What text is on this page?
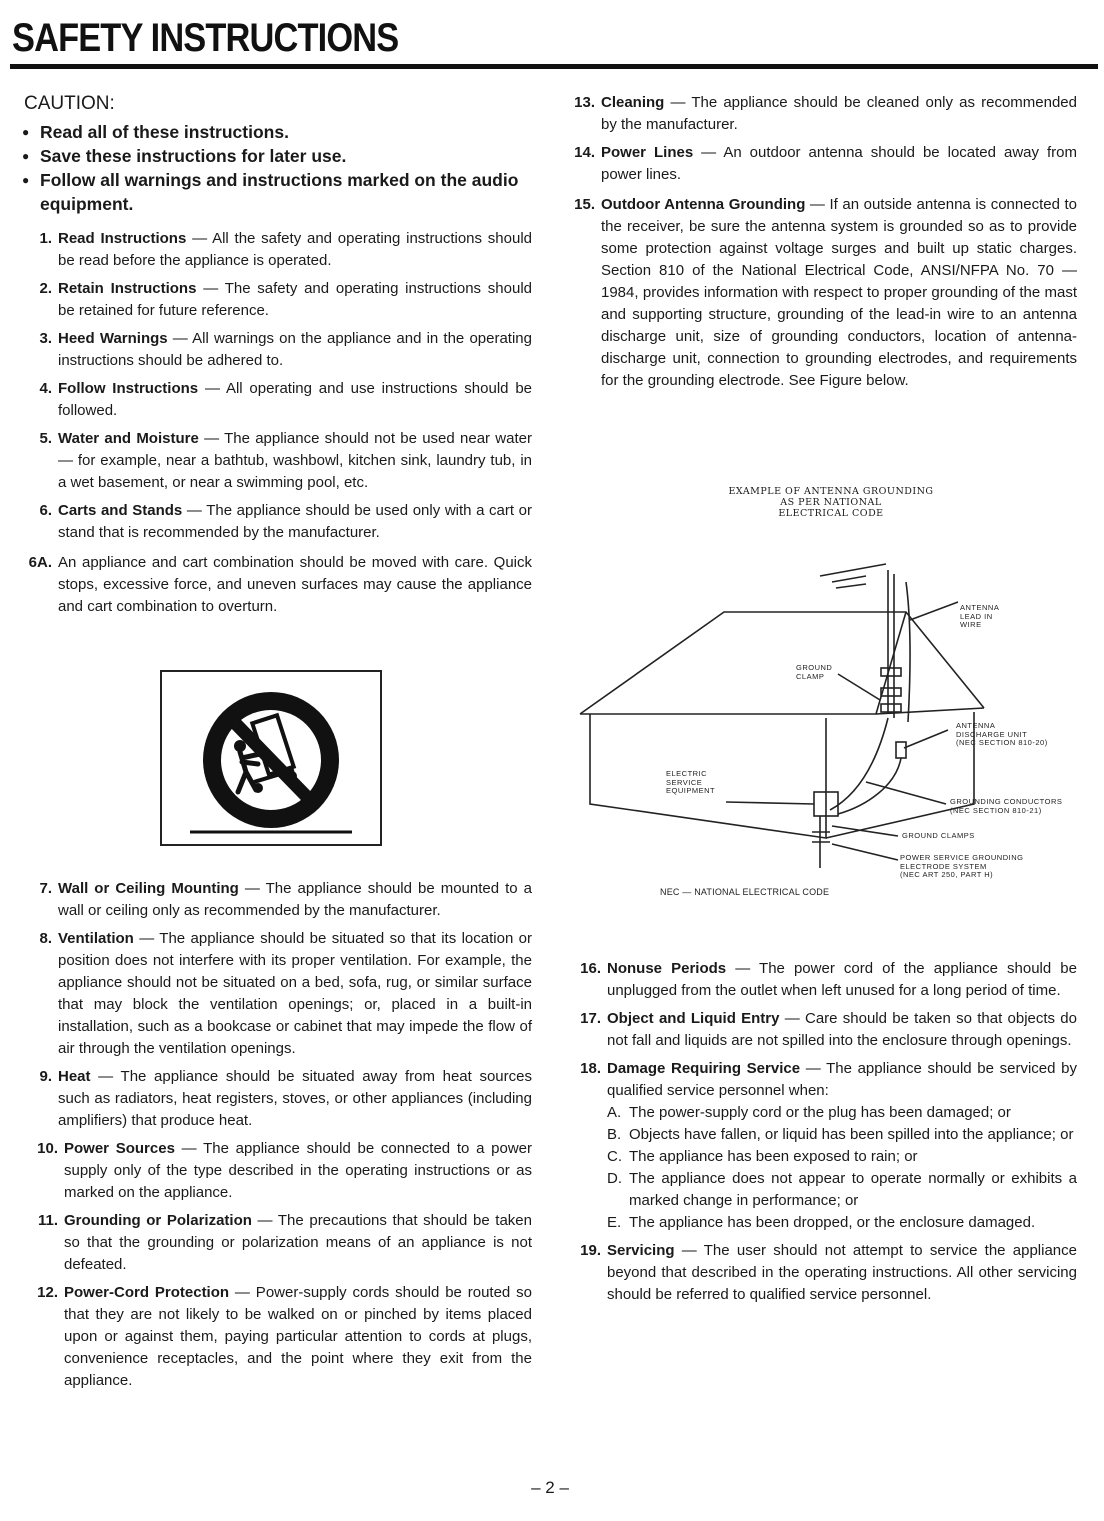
SAFETY INSTRUCTIONS
CAUTION:

● Read all of these instructions.

● Save these instructions for later use.

● Follow all warnings and instructions marked on the audio equipment.

1. Read Instructions — All the safety and operating instructions should be read before the appliance is operated.
2. Retain Instructions — The safety and operating instructions should be retained for future reference.
3. Heed Warnings — All warnings on the appliance and in the operating instructions should be adhered to.
4. Follow Instructions — All operating and use instructions should be followed.
5. Water and Moisture — The appliance should not be used near water — for example, near a bathtub, washbowl, kitchen sink, laundry tub, in a wet basement, or near a swimming pool, etc.
6. Carts and Stands — The appliance should be used only with a cart or stand that is recommended by the manufacturer.
6A. An appliance and cart combination should be moved with care. Quick stops, excessive force, and uneven surfaces may cause the appliance and cart combination to overturn.
7. Wall or Ceiling Mounting — The appliance should be mounted to a wall or ceiling only as recommended by the manufacturer.
8. Ventilation — The appliance should be situated so that its location or position does not interfere with its proper ventilation. For example, the appliance should not be situated on a bed, sofa, rug, or similar surface that may block the ventilation openings; or, placed in a built-in installation, such as a bookcase or cabinet that may impede the flow of air through the ventilation openings.
9. Heat — The appliance should be situated away from heat sources such as radiators, heat registers, stoves, or other appliances (including amplifiers) that produce heat.
10. Power Sources — The appliance should be connected to a power supply only of the type described in the operating instructions or as marked on the appliance.
11. Grounding or Polarization — The precautions that should be taken so that the grounding or polarization means of an appliance is not defeated.
12. Power-Cord Protection — Power-supply cords should be routed so that they are not likely to be walked on or pinched by items placed upon or against them, paying particular attention to cords at plugs, convenience receptacles, and the point where they exit from the appliance.
13. Cleaning — The appliance should be cleaned only as recommended by the manufacturer.
14. Power Lines — An outdoor antenna should be located away from power lines.
15. Outdoor Antenna Grounding — If an outside antenna is connected to the receiver, be sure the antenna system is grounded so as to provide some protection against voltage surges and built up static charges. Section 810 of the National Electrical Code, ANSI/NFPA No. 70 — 1984, provides information with respect to proper grounding of the mast and supporting structure, grounding of the lead-in wire to an antenna discharge unit, size of grounding conductors, location of antenna-discharge unit, connection to grounding electrodes, and requirements for the grounding electrode. See Figure below.
EXAMPLE OF ANTENNA GROUNDING
AS PER NATIONAL
ELECTRICAL CODE
ANTENNA
LEAD IN
WIRE
GROUND
CLAMP
ANTENNA
DISCHARGE UNIT
(NEC SECTION 810-20)
ELECTRIC
SERVICE
EQUIPMENT
GROUNDING CONDUCTORS
(NEC SECTION 810-21)
GROUND CLAMPS
POWER SERVICE GROUNDING
ELECTRODE SYSTEM
(NEC ART 250, PART H)
NEC — NATIONAL ELECTRICAL CODE
16. Nonuse Periods — The power cord of the appliance should be unplugged from the outlet when left unused for a long period of time.
17. Object and Liquid Entry — Care should be taken so that objects do not fall and liquids are not spilled into the enclosure through openings.
18. Damage Requiring Service — The appliance should be serviced by qualified service personnel when:
A. The power-supply cord or the plug has been damaged; or
B. Objects have fallen, or liquid has been spilled into the appliance; or
C. The appliance has been exposed to rain; or
D. The appliance does not appear to operate normally or exhibits a marked change in performance; or
E. The appliance has been dropped, or the enclosure damaged.
19. Servicing — The user should not attempt to service the appliance beyond that described in the operating instructions. All other servicing should be referred to qualified service personnel.
– 2 –
